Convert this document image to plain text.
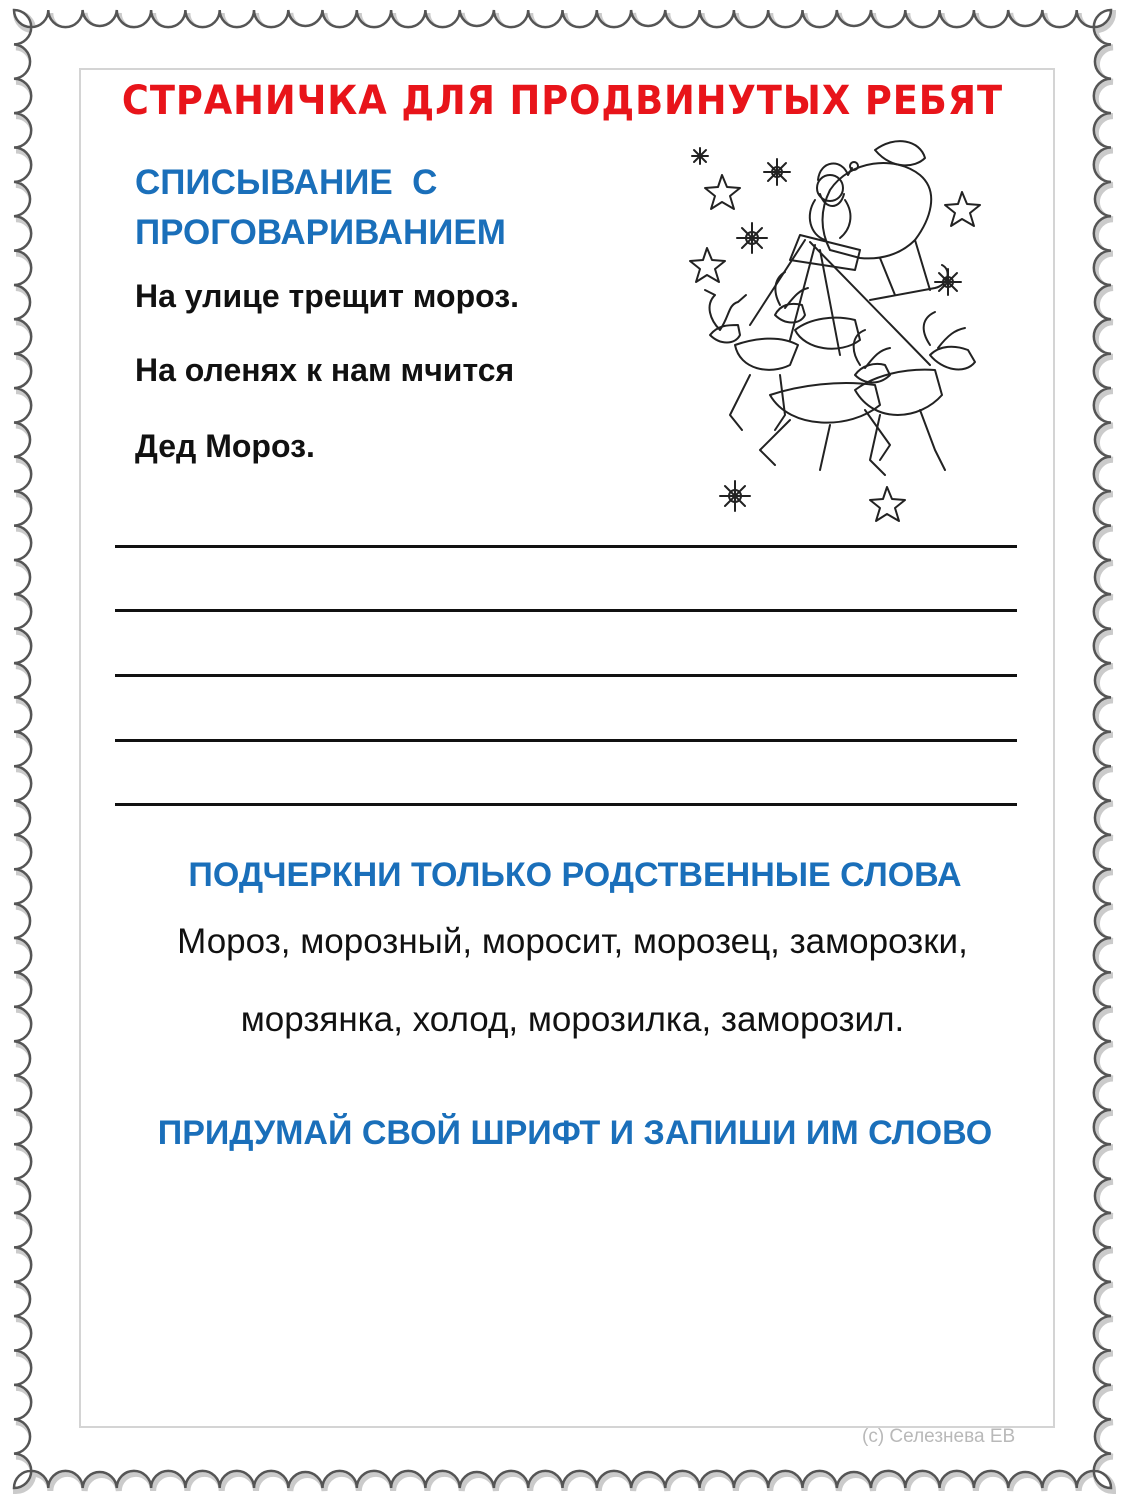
СТРАНИЧКА ДЛЯ ПРОДВИНУТЫХ РЕБЯТ
СПИСЫВАНИЕ  С
ПРОГОВАРИВАНИЕМ
На улице трещит мороз.
На оленях к нам мчится
Дед Мороз.
ПОДЧЕРКНИ ТОЛЬКО РОДСТВЕННЫЕ СЛОВА
Мороз, морозный, моросит, морозец, заморозки,
морзянка, холод, морозилка, заморозил.
ПРИДУМАЙ СВОЙ ШРИФТ И ЗАПИШИ ИМ СЛОВО
(с) Селезнева ЕВ
